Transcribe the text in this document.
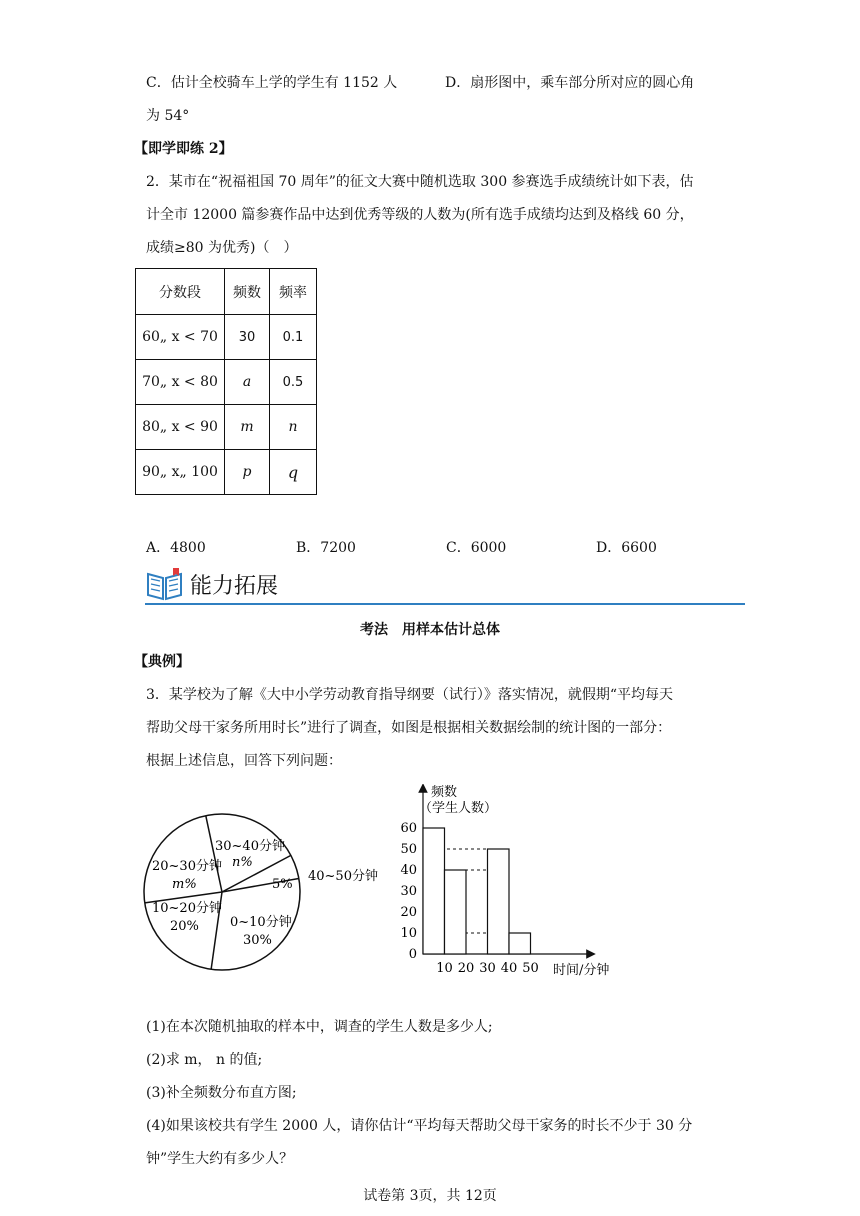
C．估计全校骑车上学的学生有 1152 人	D．扇形图中，乘车部分所对应的圆心角
为 54°
【即学即练 2】
2．某市在“祝福祖国 70 周年”的征文大赛中随机选取 300 参赛选手成绩统计如下表，估
计全市 12000 篇参赛作品中达到优秀等级的人数为(所有选手成绩均达到及格线 60 分，
成绩≥80 为优秀)（　）
分数段	频数	频率
60„ x < 70	30	0.1
70„ x < 80	a	0.5
80„ x < 90	m	n
90„ x„ 100	p	q
A．4800	B．7200	C．6000	D．6600
能力拓展
考法　用样本估计总体
【典例】
3．某学校为了解《大中小学劳动教育指导纲要（试行）》落实情况，就假期“平均每天
帮助父母干家务所用时长”进行了调查，如图是根据相关数据绘制的统计图的一部分：
根据上述信息，回答下列问题：
30~40分钟
n%
5%
40~50分钟
0~10分钟
30%
10~20分钟
20%
20~30分钟
m%
频数
（学生人数）
时间/分钟
0
10
20
30
40
50
60
10 20 30 40 50
(1)在本次随机抽取的样本中，调查的学生人数是多少人;
(2)求 m， n 的值;
(3)补全频数分布直方图;
(4)如果该校共有学生 2000 人，请你估计“平均每天帮助父母干家务的时长不少于 30 分
钟”学生大约有多少人？
试卷第 3页，共 12页
